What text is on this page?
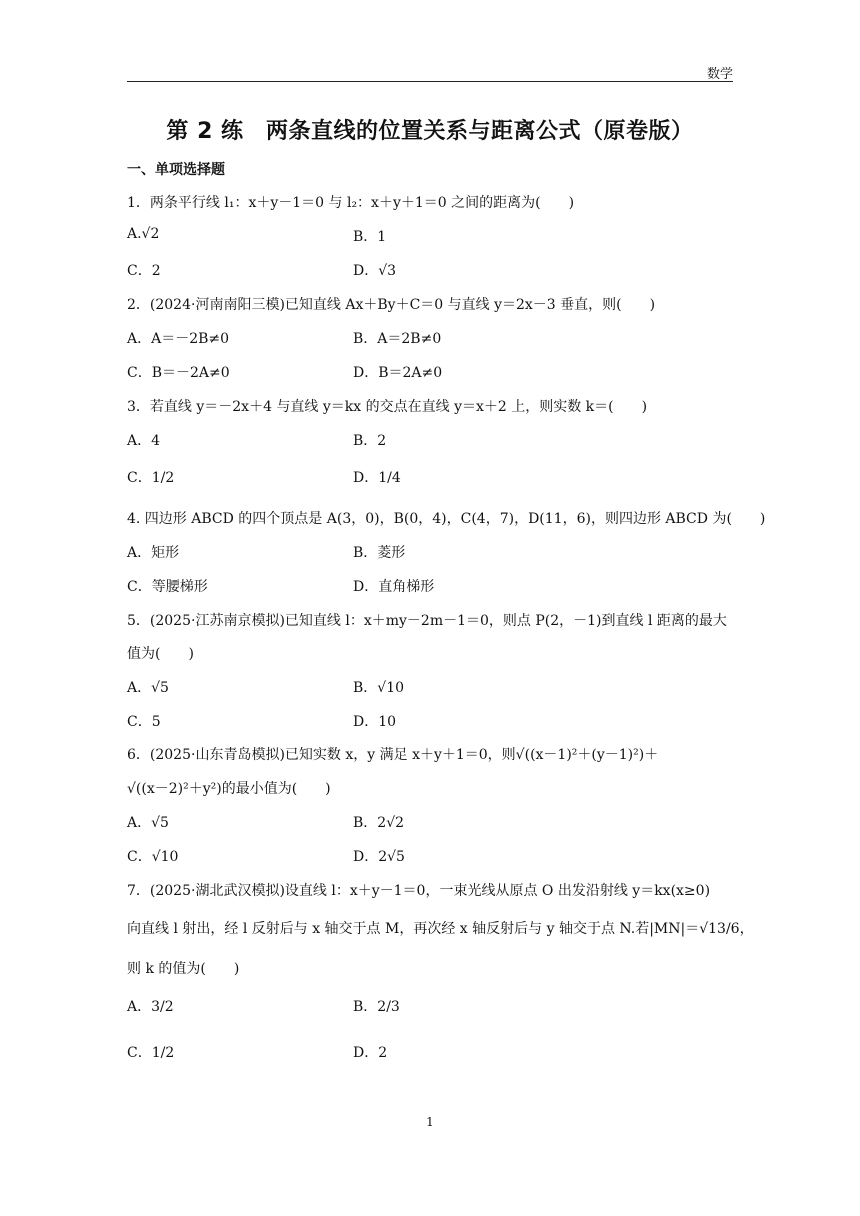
数学
第 2 练　两条直线的位置关系与距离公式（原卷版）
一、单项选择题
1．两条平行线 l₁：x＋y－1＝0 与 l₂：x＋y＋1＝0 之间的距离为(　　)
A.√2	B．1
C．2	D．√3
2．(2024·河南南阳三模)已知直线 Ax＋By＋C＝0 与直线 y＝2x－3 垂直，则(　　)
A．A＝－2B≠0	B．A＝2B≠0
C．B＝－2A≠0	D．B＝2A≠0
3．若直线 y＝－2x＋4 与直线 y＝kx 的交点在直线 y＝x＋2 上，则实数 k＝(　　)
A．4	B．2
C．1/2	D．1/4
4. 四边形 ABCD 的四个顶点是 A(3，0)，B(0，4)，C(4，7)，D(11，6)，则四边形 ABCD 为(　　)
A．矩形	B．菱形
C．等腰梯形	D．直角梯形
5．(2025·江苏南京模拟)已知直线 l：x＋my－2m－1＝0，则点 P(2，－1)到直线 l 距离的最大
值为(　　)
A．√5	B．√10
C．5	D．10
6．(2025·山东青岛模拟)已知实数 x，y 满足 x＋y＋1＝0，则√((x－1)²＋(y－1)²)＋
√((x－2)²＋y²)的最小值为(　　)
A．√5	B．2√2
C．√10	D．2√5
7．(2025·湖北武汉模拟)设直线 l：x＋y－1＝0，一束光线从原点 O 出发沿射线 y＝kx(x≥0)
向直线 l 射出，经 l 反射后与 x 轴交于点 M，再次经 x 轴反射后与 y 轴交于点 N.若|MN|＝√13/6，
则 k 的值为(　　)
A．3/2	B．2/3
C．1/2	D．2
1
